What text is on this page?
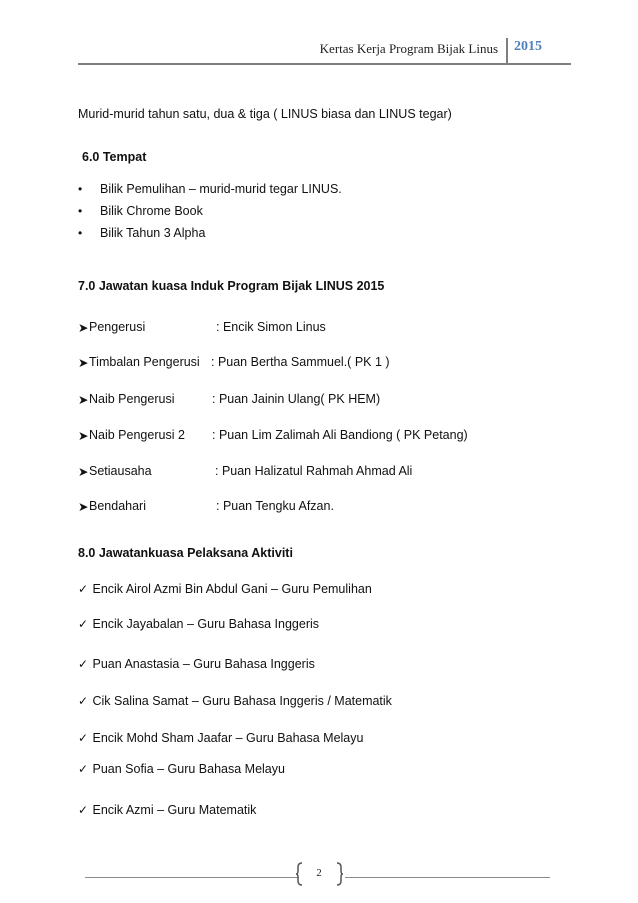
Kertas Kerja Program Bijak Linus 2015
Murid-murid tahun satu, dua & tiga ( LINUS biasa dan LINUS tegar)
6.0 Tempat
• Bilik Pemulihan – murid-murid tegar LINUS.
• Bilik Chrome Book
• Bilik Tahun 3 Alpha
7.0 Jawatan kuasa Induk Program Bijak LINUS 2015
➤ Pengerusi	: Encik Simon Linus
➤ Timbalan Pengerusi : Puan Bertha Sammuel.( PK 1 )
➤ Naib Pengerusi	: Puan Jainin Ulang( PK HEM)
➤ Naib Pengerusi 2 : Puan Lim Zalimah Ali Bandiong ( PK Petang)
➤ Setiausaha	: Puan Halizatul Rahmah Ahmad Ali
➤ Bendahari	: Puan Tengku Afzan.
8.0 Jawatankuasa Pelaksana Aktiviti
✓ Encik Airol Azmi Bin Abdul Gani – Guru Pemulihan
✓ Encik Jayabalan – Guru Bahasa Inggeris
✓ Puan Anastasia – Guru Bahasa Inggeris
✓ Cik Salina Samat – Guru Bahasa Inggeris / Matematik
✓ Encik Mohd Sham Jaafar – Guru Bahasa Melayu
✓ Puan Sofia – Guru Bahasa Melayu
✓ Encik Azmi – Guru Matematik
2
